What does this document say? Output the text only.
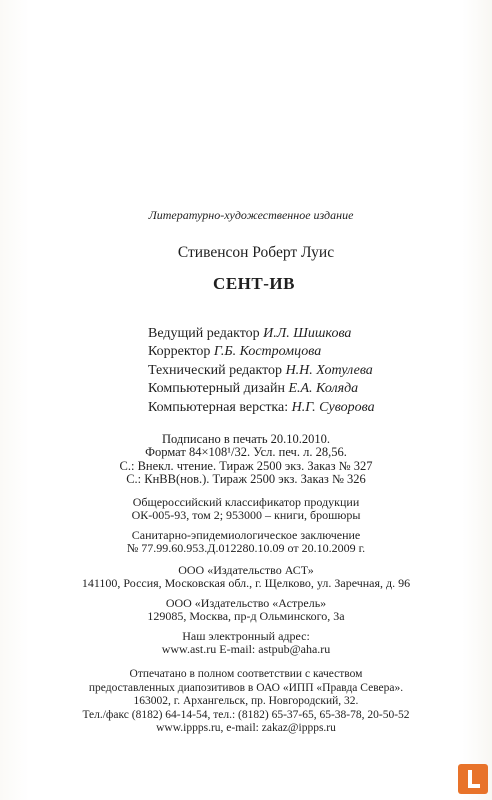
Литературно-художественное издание
Стивенсон Роберт Луис
СЕНТ-ИВ
Ведущий редактор И.Л. Шишкова
Корректор Г.Б. Костромцова
Технический редактор Н.Н. Хотулева
Компьютерный дизайн Е.А. Коляда
Компьютерная верстка: Н.Г. Суворова
Подписано в печать 20.10.2010.
Формат 84×108¹/32. Усл. печ. л. 28,56.
С.: Внекл. чтение. Тираж 2500 экз. Заказ № 327
С.: КнВВ(нов.). Тираж 2500 экз. Заказ № 326
Общероссийский классификатор продукции
ОК-005-93, том 2; 953000 – книги, брошюры
Санитарно-эпидемиологическое заключение
№ 77.99.60.953.Д.012280.10.09 от 20.10.2009 г.
ООО «Издательство АСТ»
141100, Россия, Московская обл., г. Щелково, ул. Заречная, д. 96
ООО «Издательство «Астрель»
129085, Москва, пр-д Ольминского, 3а
Наш электронный адрес:
www.ast.ru E-mail: astpub@aha.ru
Отпечатано в полном соответствии с качеством
предоставленных диапозитивов в ОАО «ИПП «Правда Севера».
163002, г. Архангельск, пр. Новгородский, 32.
Тел./факс (8182) 64-14-54, тел.: (8182) 65-37-65, 65-38-78, 20-50-52
www.ippps.ru, e-mail: zakaz@ippps.ru
